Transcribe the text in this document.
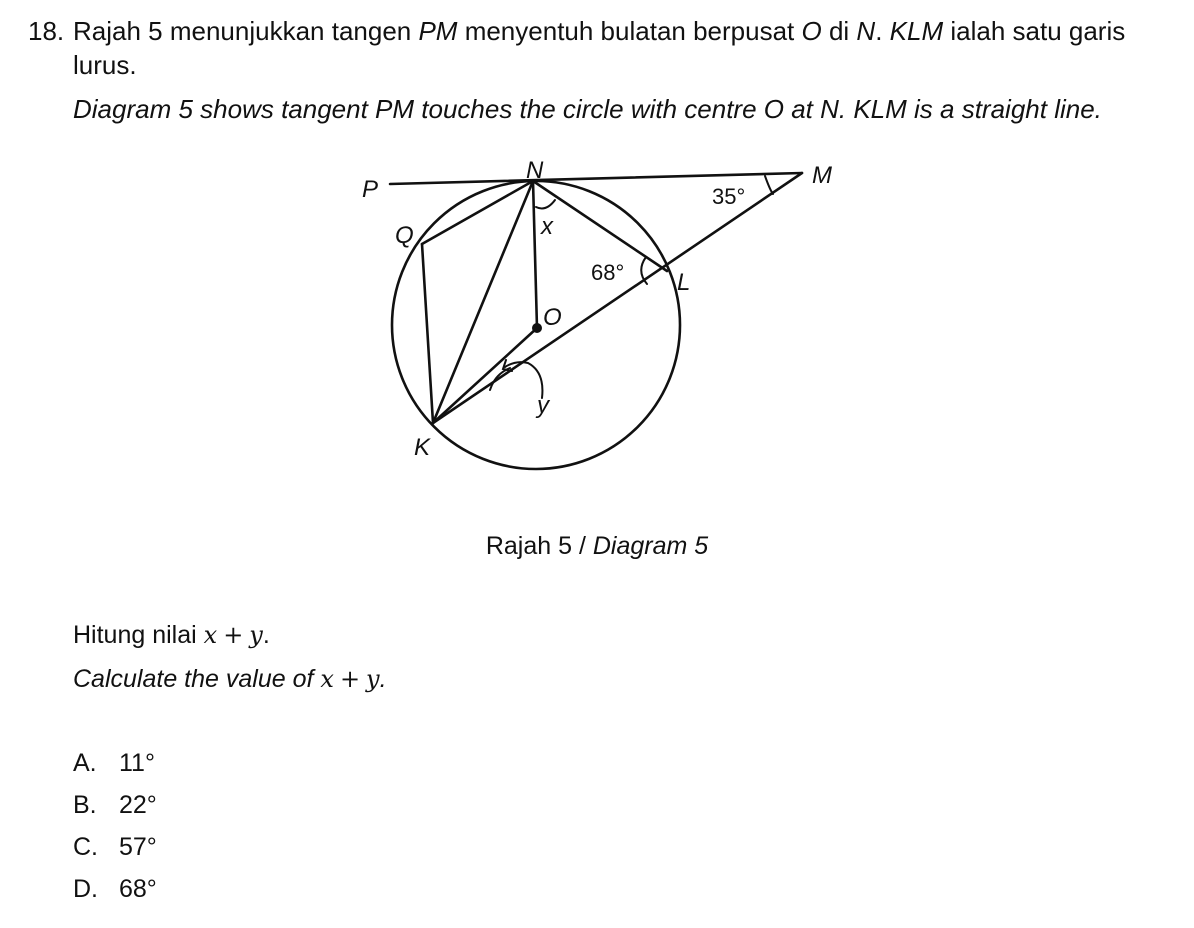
18. Rajah 5 menunjukkan tangen PM menyentuh bulatan berpusat O di N. KLM ialah satu garis lurus.
Diagram 5 shows tangent PM touches the circle with centre O at N. KLM is a straight line.
P
N	M
Q
L
O
K
x
y
35°
68°
Rajah 5 / Diagram 5
Hitung nilai x + y.
Calculate the value of x + y.
A. 11°
B. 22°
C. 57°
D. 68°
